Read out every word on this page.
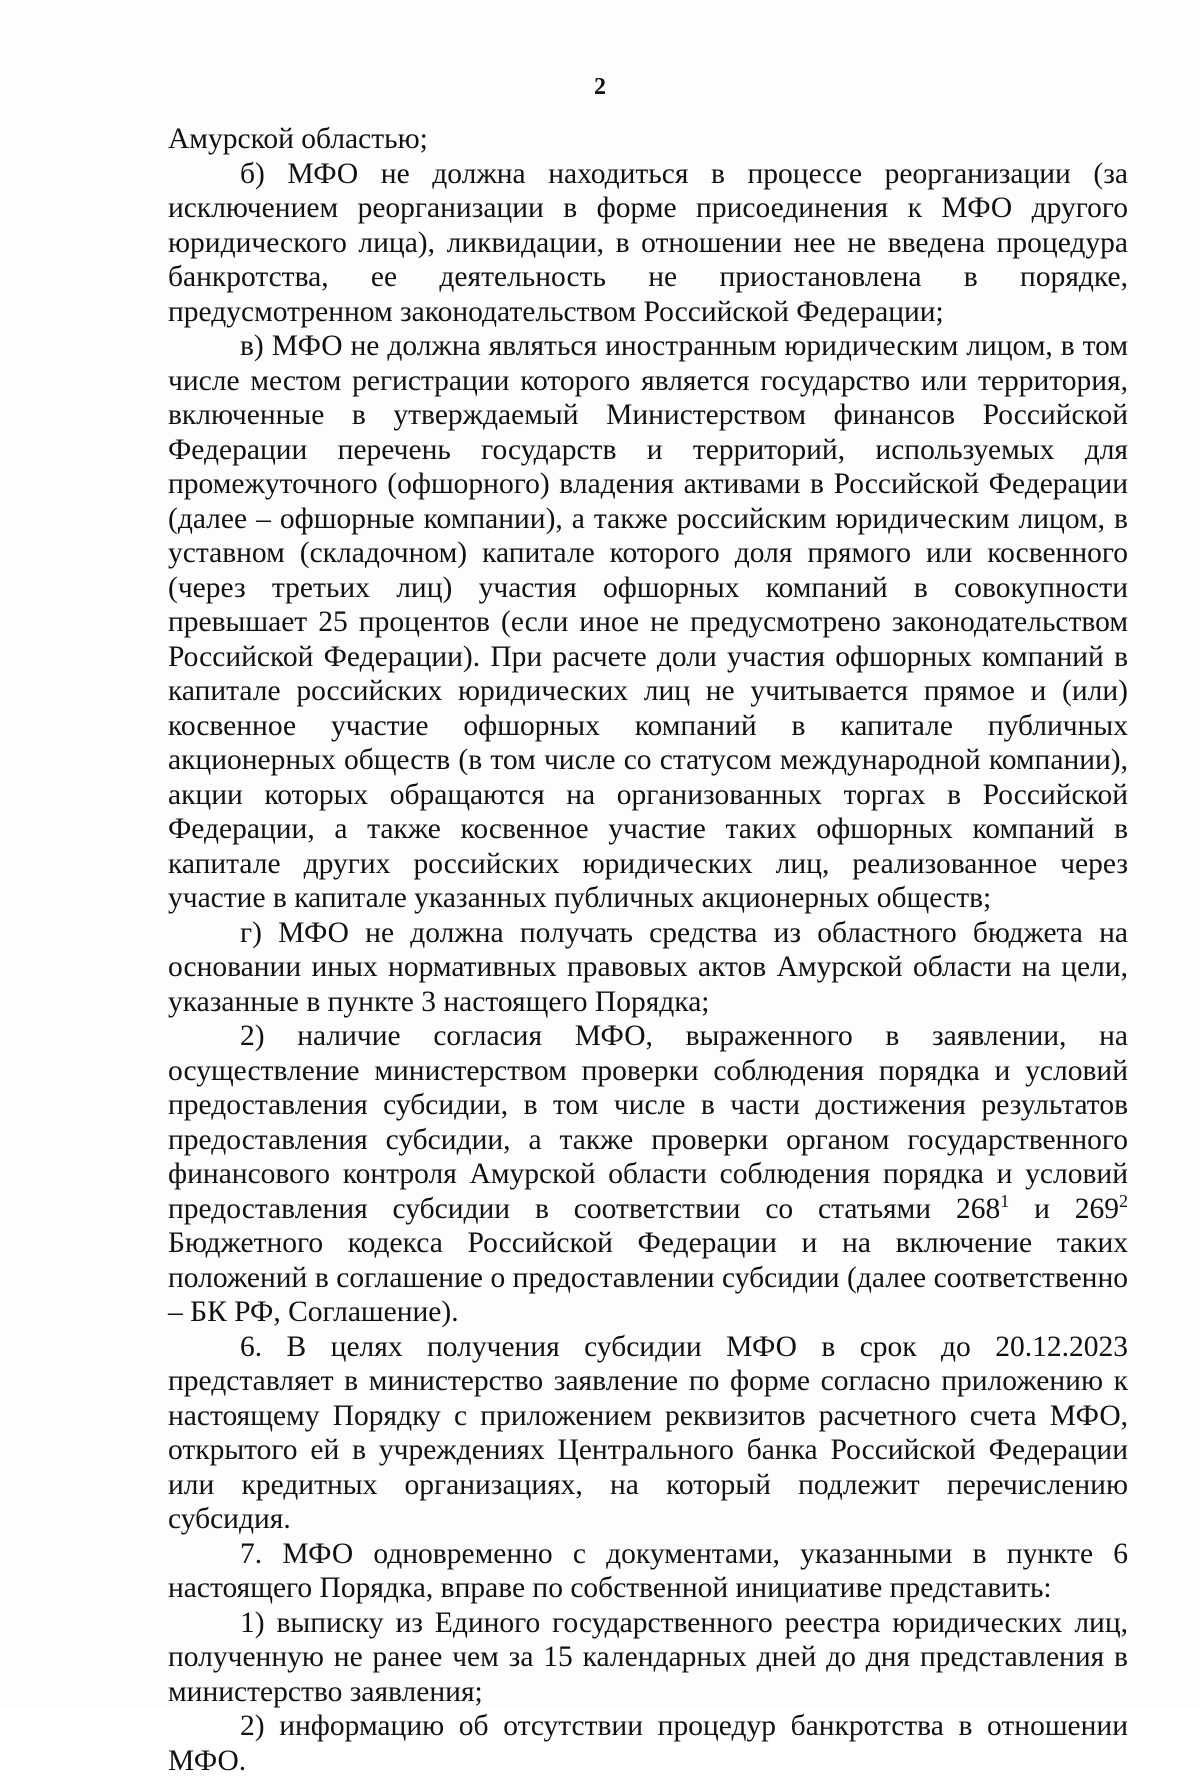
2

Амурской областью;

б) МФО не должна находиться в процессе реорганизации (за исключением реорганизации в форме присоединения к МФО другого юридического лица), ликвидации, в отношении нее не введена процедура банкротства, ее деятельность не приостановлена в порядке, предусмотренном законодательством Российской Федерации;

в) МФО не должна являться иностранным юридическим лицом, в том числе местом регистрации которого является государство или территория, включенные в утверждаемый Министерством финансов Российской Федерации перечень государств и территорий, используемых для промежуточного (офшорного) владения активами в Российской Федерации (далее – офшорные компании), а также российским юридическим лицом, в уставном (складочном) капитале которого доля прямого или косвенного (через третьих лиц) участия офшорных компаний в совокупности превышает 25 процентов (если иное не предусмотрено законодательством Российской Федерации). При расчете доли участия офшорных компаний в капитале российских юридических лиц не учитывается прямое и (или) косвенное участие офшорных компаний в капитале публичных акционерных обществ (в том числе со статусом международной компании), акции которых обращаются на организованных торгах в Российской Федерации, а также косвенное участие таких офшорных компаний в капитале других российских юридических лиц, реализованное через участие в капитале указанных публичных акционерных обществ;

г) МФО не должна получать средства из областного бюджета на основании иных нормативных правовых актов Амурской области на цели, указанные в пункте 3 настоящего Порядка;

2) наличие согласия МФО, выраженного в заявлении, на осуществление министерством проверки соблюдения порядка и условий предоставления субсидии, в том числе в части достижения результатов предоставления субсидии, а также проверки органом государственного финансового контроля Амурской области соблюдения порядка и условий предоставления субсидии в соответствии со статьями $268^1$ и $269^2$ Бюджетного кодекса Российской Федерации и на включение таких положений в соглашение о предоставлении субсидии (далее соответственно – БК РФ, Соглашение).

6. В целях получения субсидии МФО в срок до 20.12.2023 представляет в министерство заявление по форме согласно приложению к настоящему Порядку с приложением реквизитов расчетного счета МФО, открытого ей в учреждениях Центрального банка Российской Федерации или кредитных организациях, на который подлежит перечислению субсидия.

7. МФО одновременно с документами, указанными в пункте 6 настоящего Порядка, вправе по собственной инициативе представить:

1) выписку из Единого государственного реестра юридических лиц, полученную не ранее чем за 15 календарных дней до дня представления в министерство заявления;

2) информацию об отсутствии процедур банкротства в отношении МФО.
